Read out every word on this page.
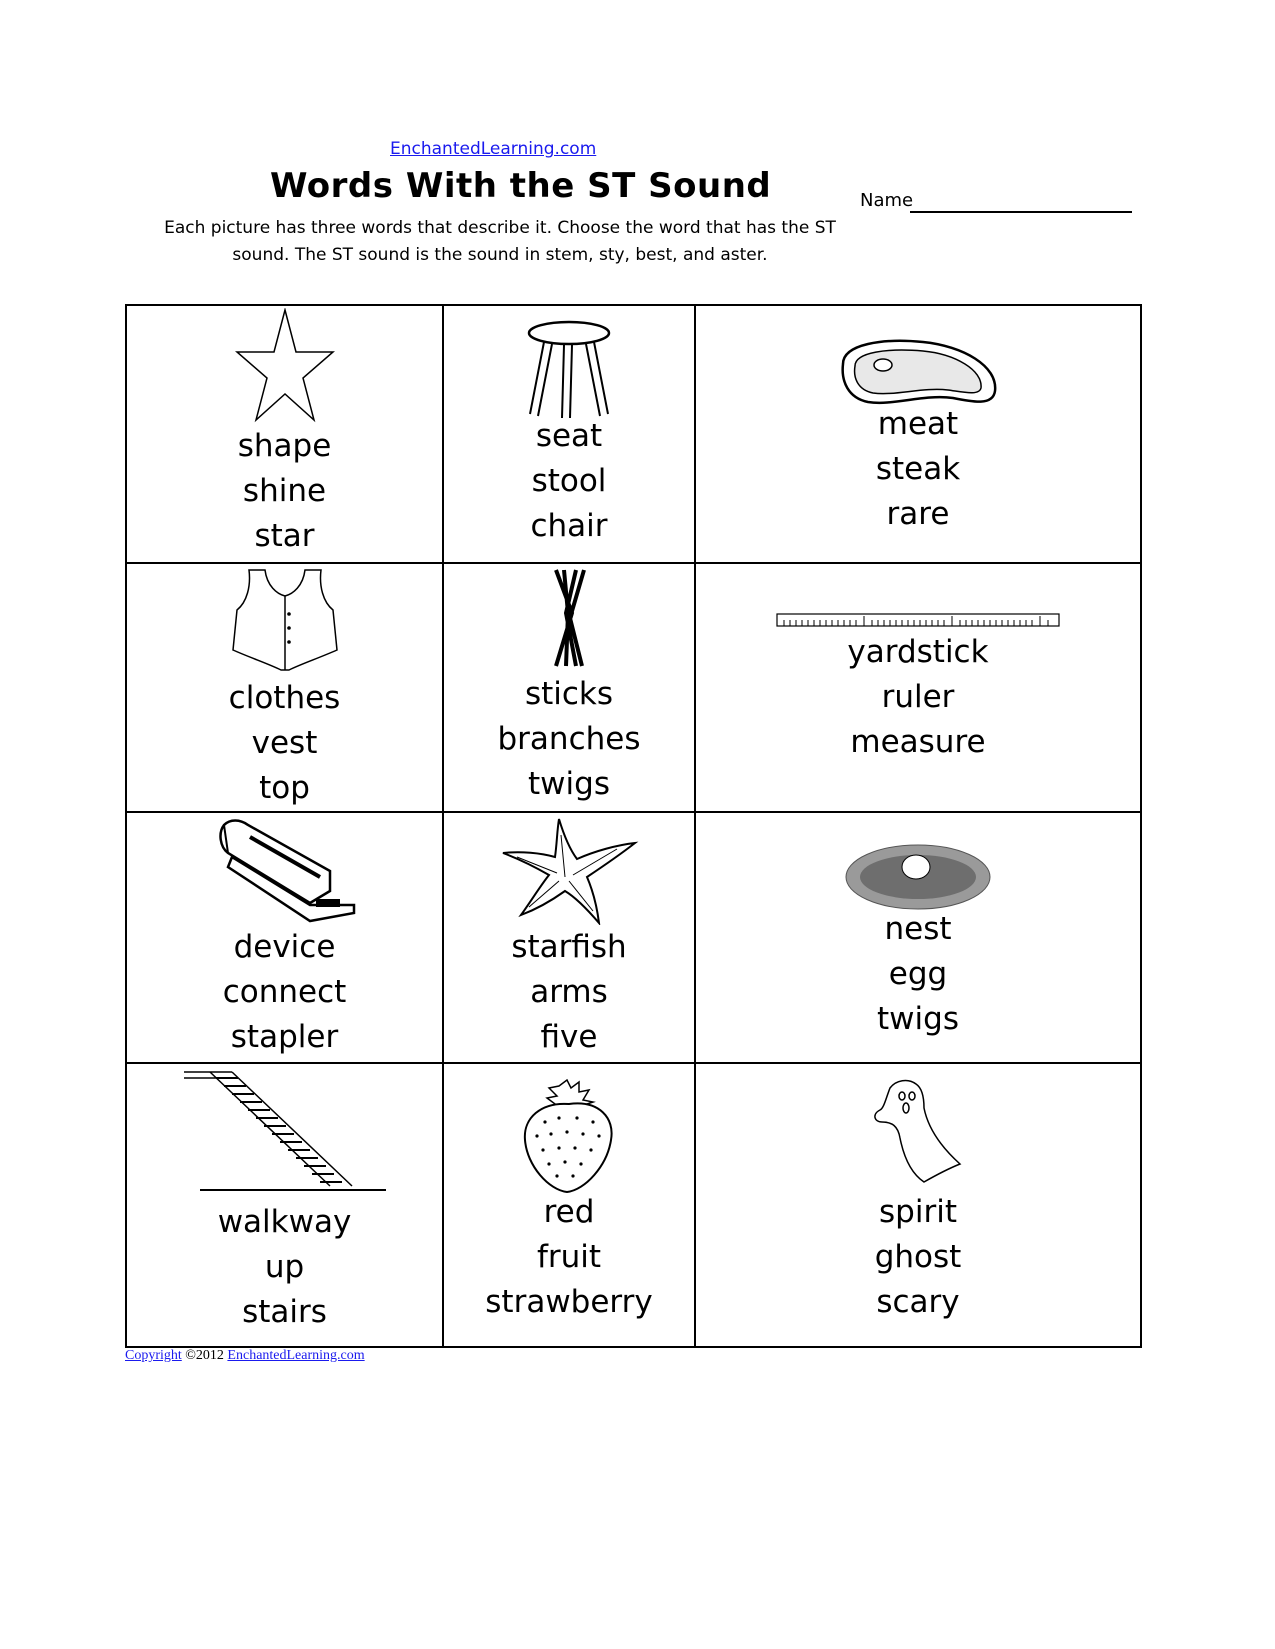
EnchantedLearning.com
Words With the ST Sound	Name
Each picture has three words that describe it. Choose the word that has the ST
sound. The ST sound is the sound in stem, sty, best, and aster.
shape
shine
star
seat
stool
chair
meat
steak
rare
clothes
vest
top
sticks
branches
twigs
yardstick
ruler
measure
device
connect
stapler
starfish
arms
five
nest
egg
twigs
walkway
up
stairs
red
fruit
strawberry
spirit
ghost
scary
Copyright ©2012 EnchantedLearning.com
